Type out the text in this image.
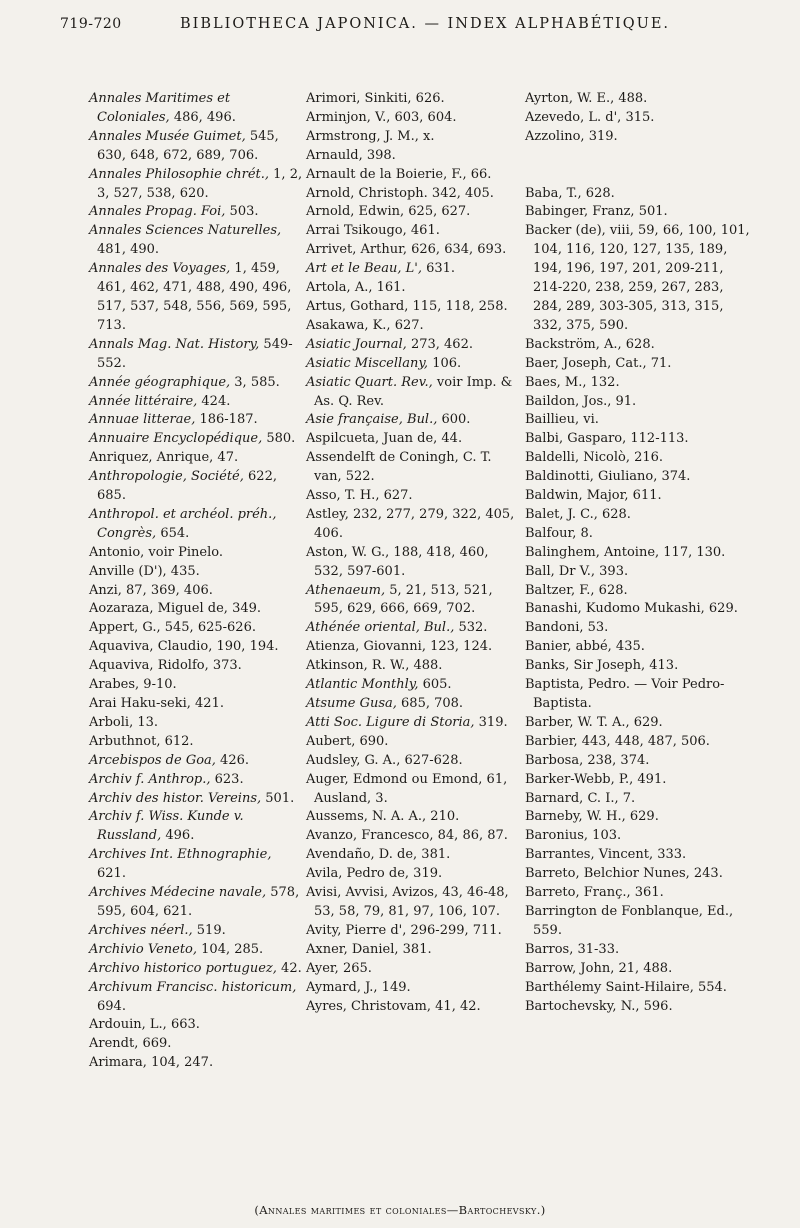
719-720	BIBLIOTHECA JAPONICA. — INDEX ALPHABÉTIQUE.
Annales Maritimes et Coloniales, 486, 496.
Annales Musée Guimet, 545, 630, 648, 672, 689, 706.
Annales Philosophie chrét., 1, 2, 3, 527, 538, 620.
Annales Propag. Foi, 503.
Annales Sciences Naturelles, 481, 490.
Annales des Voyages, 1, 459, 461, 462, 471, 488, 490, 496, 517, 537, 548, 556, 569, 595, 713.
Annals Mag. Nat. History, 549-552.
Année géographique, 3, 585.
Année littéraire, 424.
Annuae litterae, 186-187.
Annuaire Encyclopédique, 580.
Anriquez, Anrique, 47.
Anthropologie, Société, 622, 685.
Anthropol. et archéol. préh., Congrès, 654.
Antonio, voir Pinelo.
Anville (D'), 435.
Anzi, 87, 369, 406.
Aozaraza, Miguel de, 349.
Appert, G., 545, 625-626.
Aquaviva, Claudio, 190, 194.
Aquaviva, Ridolfo, 373.
Arabes, 9-10.
Arai Haku-seki, 421.
Arboli, 13.
Arbuthnot, 612.
Arcebispos de Goa, 426.
Archiv f. Anthrop., 623.
Archiv des histor. Vereins, 501.
Archiv f. Wiss. Kunde v. Russland, 496.
Archives Int. Ethnographie, 621.
Archives Médecine navale, 578, 595, 604, 621.
Archives néerl., 519.
Archivio Veneto, 104, 285.
Archivo historico portuguez, 42.
Archivum Francisc. historicum, 694.
Ardouin, L., 663.
Arendt, 669.
Arimara, 104, 247.
Arimori, Sinkiti, 626.
Arminjon, V., 603, 604.
Armstrong, J. M., x.
Arnauld, 398.
Arnault de la Boierie, F., 66.
Arnold, Christoph. 342, 405.
Arnold, Edwin, 625, 627.
Arrai Tsikougo, 461.
Arrivet, Arthur, 626, 634, 693.
Art et le Beau, L', 631.
Artola, A., 161.
Artus, Gothard, 115, 118, 258.
Asakawa, K., 627.
Asiatic Journal, 273, 462.
Asiatic Miscellany, 106.
Asiatic Quart. Rev., voir Imp. & As. Q. Rev.
Asie française, Bul., 600.
Aspilcueta, Juan de, 44.
Assendelft de Coningh, C. T. van, 522.
Asso, T. H., 627.
Astley, 232, 277, 279, 322, 405, 406.
Aston, W. G., 188, 418, 460, 532, 597-601.
Athenaeum, 5, 21, 513, 521, 595, 629, 666, 669, 702.
Athénée oriental, Bul., 532.
Atienza, Giovanni, 123, 124.
Atkinson, R. W., 488.
Atlantic Monthly, 605.
Atsume Gusa, 685, 708.
Atti Soc. Ligure di Storia, 319.
Aubert, 690.
Audsley, G. A., 627-628.
Auger, Edmond ou Emond, 61, Ausland, 3.
Aussems, N. A. A., 210.
Avanzo, Francesco, 84, 86, 87.
Avendaño, D. de, 381.
Avila, Pedro de, 319.
Avisi, Avvisi, Avizos, 43, 46-48, 53, 58, 79, 81, 97, 106, 107.
Avity, Pierre d', 296-299, 711.
Axner, Daniel, 381.
Ayer, 265.
Aymard, J., 149.
Ayres, Christovam, 41, 42.
Ayrton, W. E., 488.
Azevedo, L. d', 315.
Azzolino, 319.

Baba, T., 628.
Babinger, Franz, 501.
Backer (de), viii, 59, 66, 100, 101, 104, 116, 120, 127, 135, 189, 194, 196, 197, 201, 209-211, 214-220, 238, 259, 267, 283, 284, 289, 303-305, 313, 315, 332, 375, 590.
Backström, A., 628.
Baer, Joseph, Cat., 71.
Baes, M., 132.
Baildon, Jos., 91.
Baillieu, vi.
Balbi, Gasparo, 112-113.
Baldelli, Nicolò, 216.
Baldinotti, Giuliano, 374.
Baldwin, Major, 611.
Balet, J. C., 628.
Balfour, 8.
Balinghem, Antoine, 117, 130.
Ball, Dr V., 393.
Baltzer, F., 628.
Banashi, Kudomo Mukashi, 629.
Bandoni, 53.
Banier, abbé, 435.
Banks, Sir Joseph, 413.
Baptista, Pedro. — Voir Pedro-Baptista.
Barber, W. T. A., 629.
Barbier, 443, 448, 487, 506.
Barbosa, 238, 374.
Barker-Webb, P., 491.
Barnard, C. I., 7.
Barneby, W. H., 629.
Baronius, 103.
Barrantes, Vincent, 333.
Barreto, Belchior Nunes, 243.
Barreto, Franç., 361.
Barrington de Fonblanque, Ed., 559.
Barros, 31-33.
Barrow, John, 21, 488.
Barthélemy Saint-Hilaire, 554.
Bartochevsky, N., 596.
(Annales maritimes et coloniales—Bartochevsky.)
